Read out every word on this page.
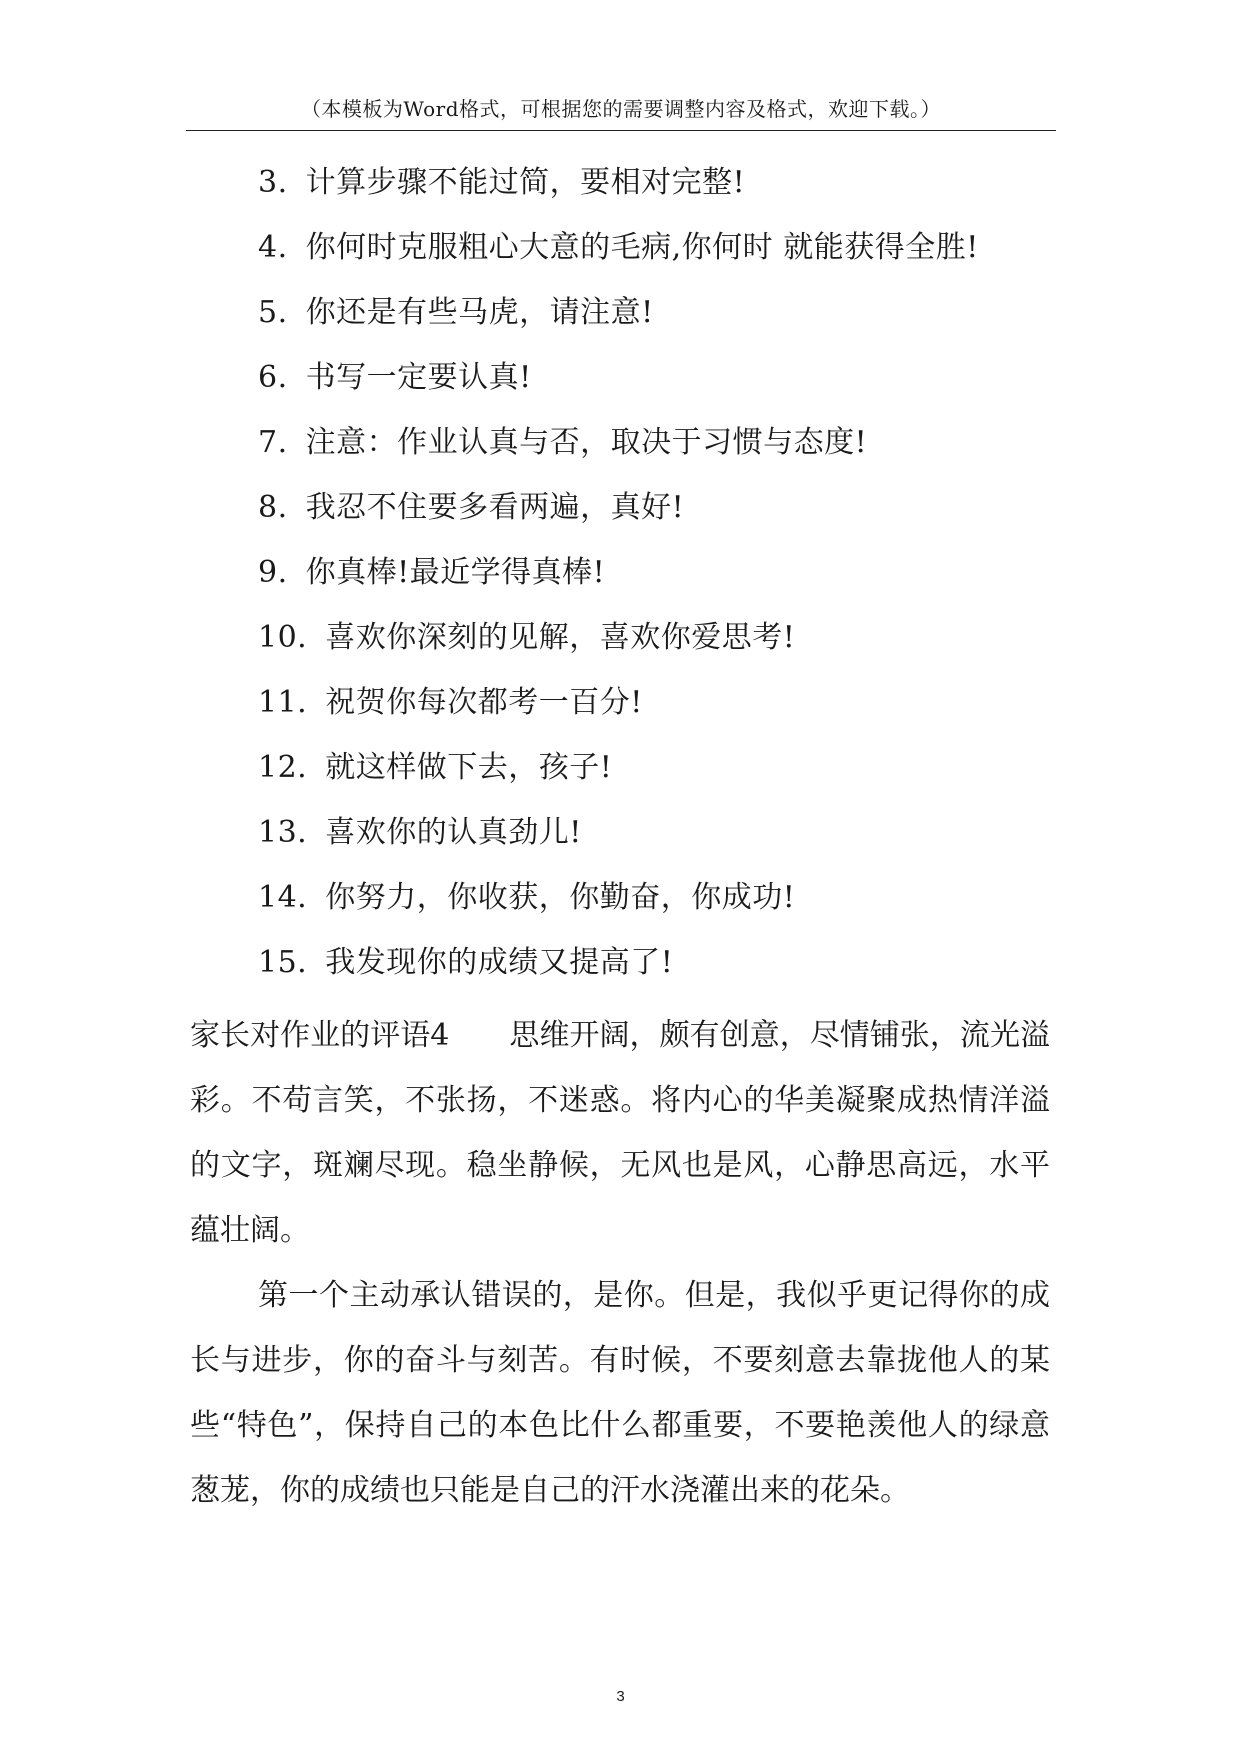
（本模板为Word格式，可根据您的需要调整内容及格式，欢迎下载。）
3. 计算步骤不能过简，要相对完整!
4. 你何时克服粗心大意的毛病,你何时 就能获得全胜!
5. 你还是有些马虎，请注意!
6. 书写一定要认真!
7. 注意：作业认真与否，取决于习惯与态度!
8. 我忍不住要多看两遍，真好!
9. 你真棒!最近学得真棒!
10. 喜欢你深刻的见解，喜欢你爱思考!
11. 祝贺你每次都考一百分!
12. 就这样做下去，孩子!
13. 喜欢你的认真劲儿!
14. 你努力，你收获，你勤奋，你成功!
15. 我发现你的成绩又提高了!

家长对作业的评语4 思维开阔，颇有创意，尽情铺张，流光溢彩。不苟言笑，不张扬，不迷惑。将内心的华美凝聚成热情洋溢的文字，斑斓尽现。稳坐静候，无风也是风，心静思高远，水平蕴壮阔。

第一个主动承认错误的，是你。但是，我似乎更记得你的成长与进步，你的奋斗与刻苦。有时候，不要刻意去靠拢他人的某些“特色”，保持自己的本色比什么都重要，不要艳羡他人的绿意葱茏，你的成绩也只能是自己的汗水浇灌出来的花朵。

3
